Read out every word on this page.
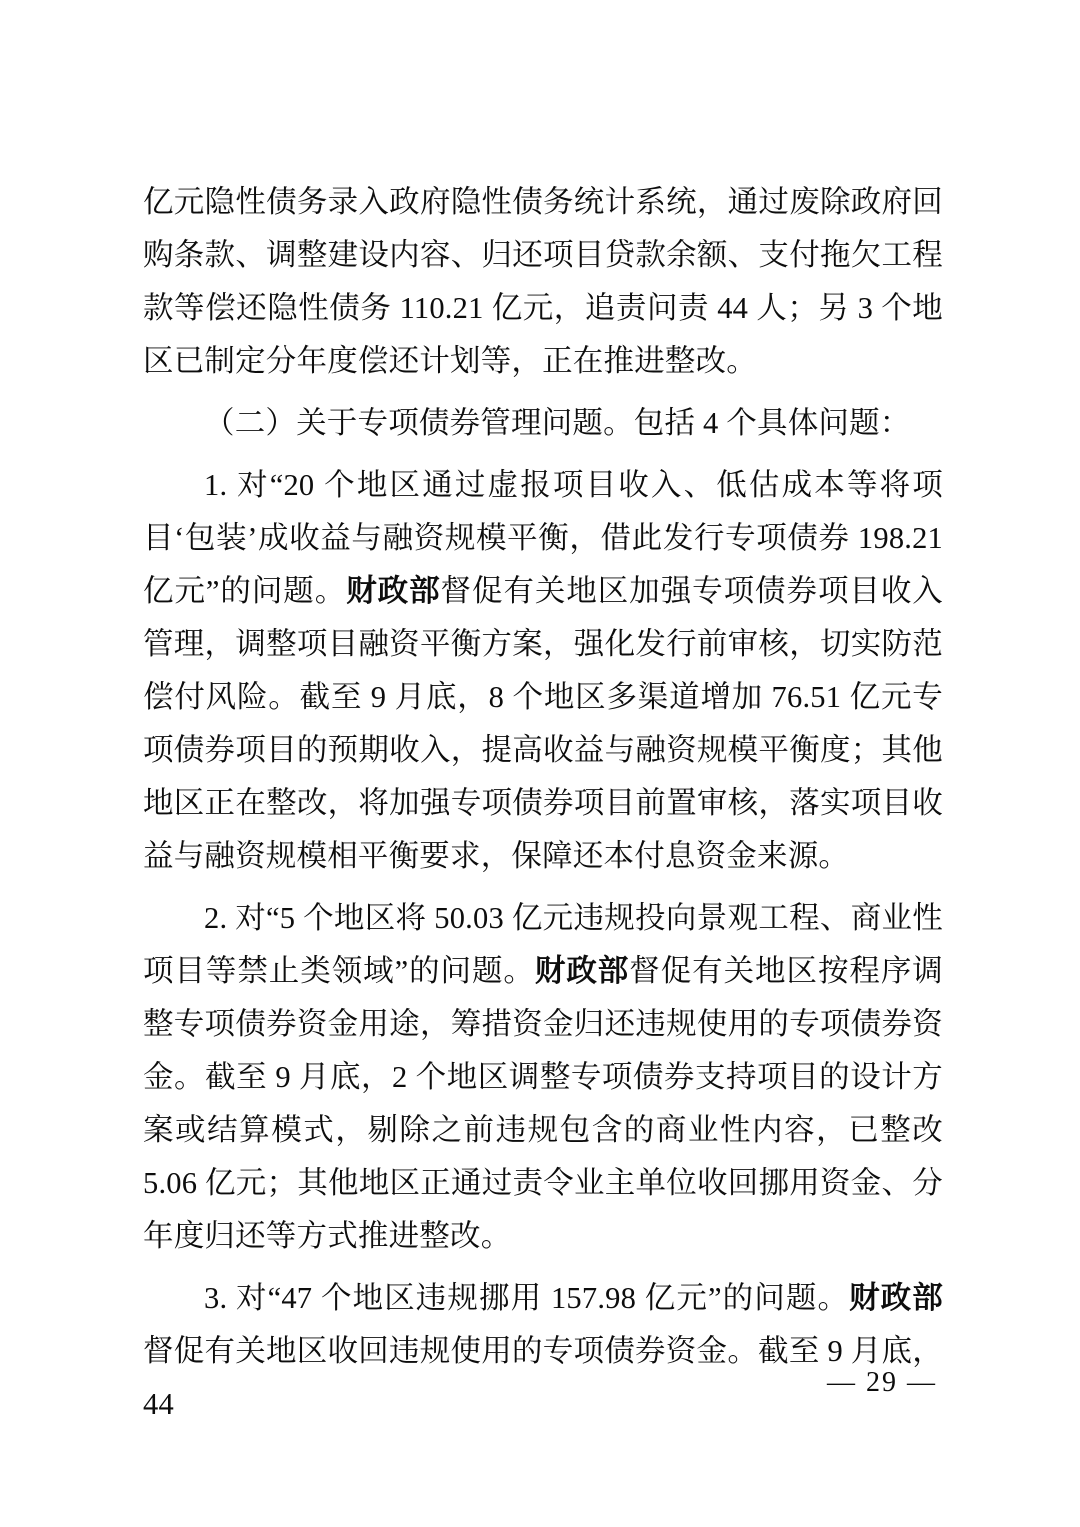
亿元隐性债务录入政府隐性债务统计系统，通过废除政府回购条款、调整建设内容、归还项目贷款余额、支付拖欠工程款等偿还隐性债务 110.21 亿元，追责问责 44 人；另 3 个地区已制定分年度偿还计划等，正在推进整改。

（二）关于专项债券管理问题。包括 4 个具体问题：

1. 对“20 个地区通过虚报项目收入、低估成本等将项目‘包装’成收益与融资规模平衡，借此发行专项债券 198.21 亿元”的问题。财政部督促有关地区加强专项债券项目收入管理，调整项目融资平衡方案，强化发行前审核，切实防范偿付风险。截至 9 月底，8 个地区多渠道增加 76.51 亿元专项债券项目的预期收入，提高收益与融资规模平衡度；其他地区正在整改，将加强专项债券项目前置审核，落实项目收益与融资规模相平衡要求，保障还本付息资金来源。

2. 对“5 个地区将 50.03 亿元违规投向景观工程、商业性项目等禁止类领域”的问题。财政部督促有关地区按程序调整专项债券资金用途，筹措资金归还违规使用的专项债券资金。截至 9 月底，2 个地区调整专项债券支持项目的设计方案或结算模式，剔除之前违规包含的商业性内容，已整改 5.06 亿元；其他地区正通过责令业主单位收回挪用资金、分年度归还等方式推进整改。

3. 对“47 个地区违规挪用 157.98 亿元”的问题。财政部督促有关地区收回违规使用的专项债券资金。截至 9 月底，44

— 29 —
